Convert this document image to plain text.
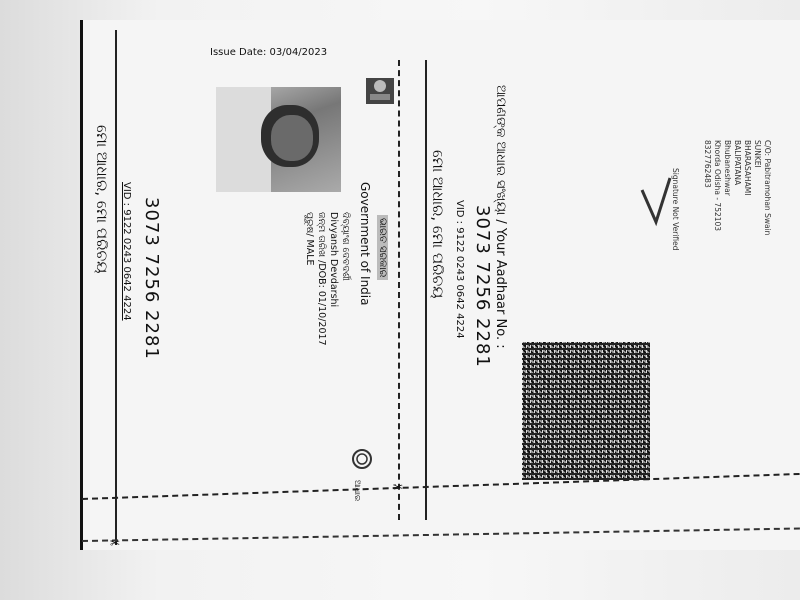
Issue Date: 03/04/2023
ଭାରତ ସରକାର
Government of India
ଦିବ୍ୟାଂଶ ଦେବଦର୍ଶୀ
Divyansh Devdarshi
ଜନ୍ମ ତାରିଖ /DOB: 01/10/2017
ପୁରୁଷ/ MALE
3073 7256 2281
VID : 9122 0243 0642 4224
ମୋ ଆଧାର, ମୋ ପରିଚୟ	ଆପଣଙ୍କ ଆଧାର ସଂଖ୍ୟା / Your Aadhaar No. :
3073 7256 2281
VID : 9122 0243 0642 4224
ମୋ ଆଧାର, ମୋ ପରିଚୟ	Signature Not Verified	C/O: Pabitramohan Swain
SUNKEI
BHARASAHAMI
BALIPATANA
Bhubaneshwar
Khorda Odisha - 752103
8327762483
ଆଧାର	✂
✂
